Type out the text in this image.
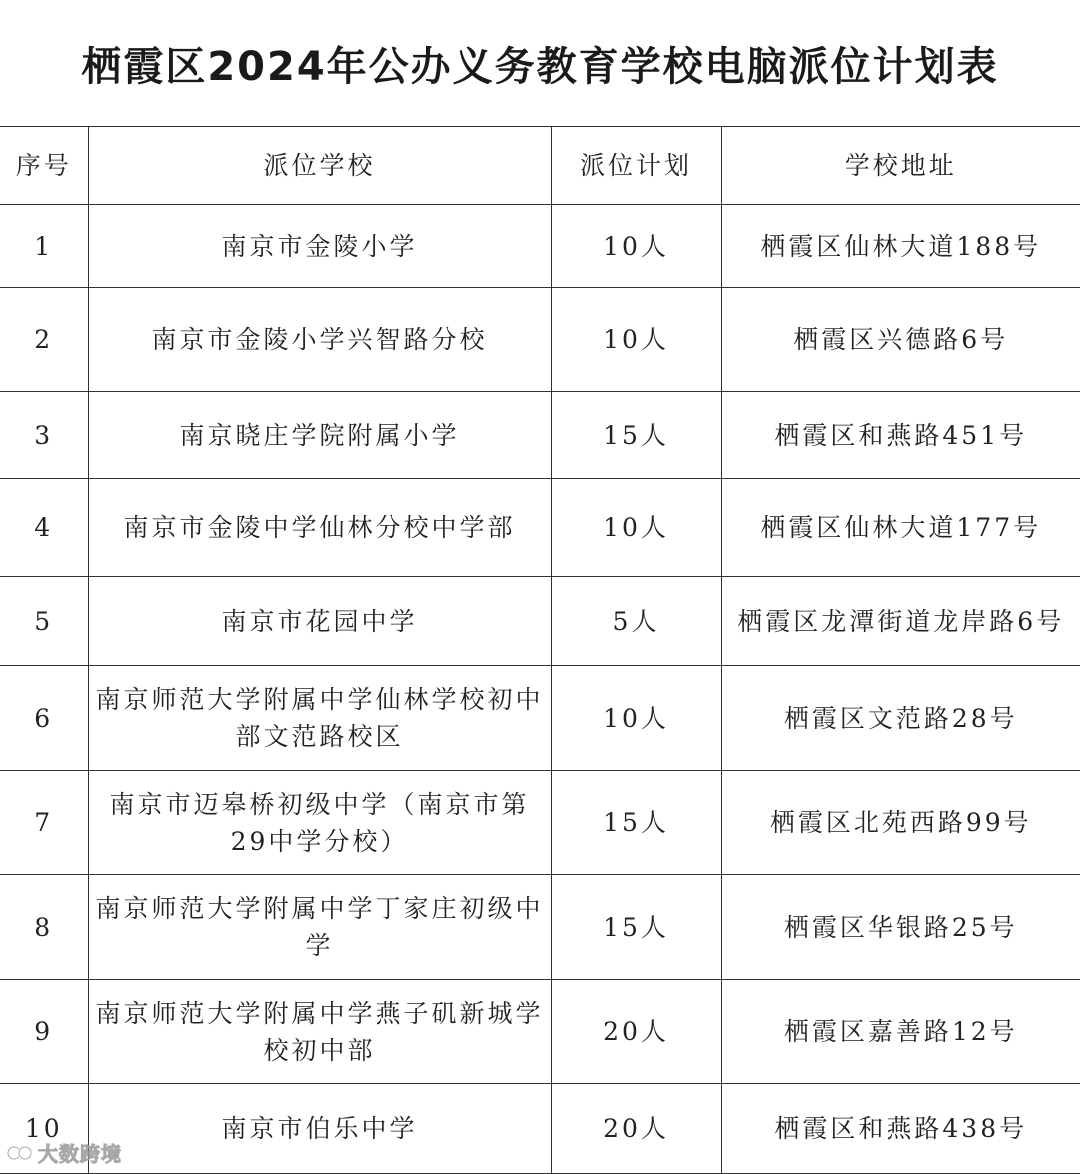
栖霞区2024年公办义务教育学校电脑派位计划表
序号	派位学校	派位计划	学校地址
1	南京市金陵小学	10人	栖霞区仙林大道188号
2	南京市金陵小学兴智路分校	10人	栖霞区兴德路6号
3	南京晓庄学院附属小学	15人	栖霞区和燕路451号
4	南京市金陵中学仙林分校中学部	10人	栖霞区仙林大道177号
5	南京市花园中学	5人	栖霞区龙潭街道龙岸路6号
6	南京师范大学附属中学仙林学校初中部文范路校区	10人	栖霞区文范路28号
7	南京市迈皋桥初级中学（南京市第29中学分校）	15人	栖霞区北苑西路99号
8	南京师范大学附属中学丁家庄初级中学	15人	栖霞区华银路25号
9	南京师范大学附属中学燕子矶新城学校初中部	20人	栖霞区嘉善路12号
10	南京市伯乐中学	20人	栖霞区和燕路438号
大数跨境
